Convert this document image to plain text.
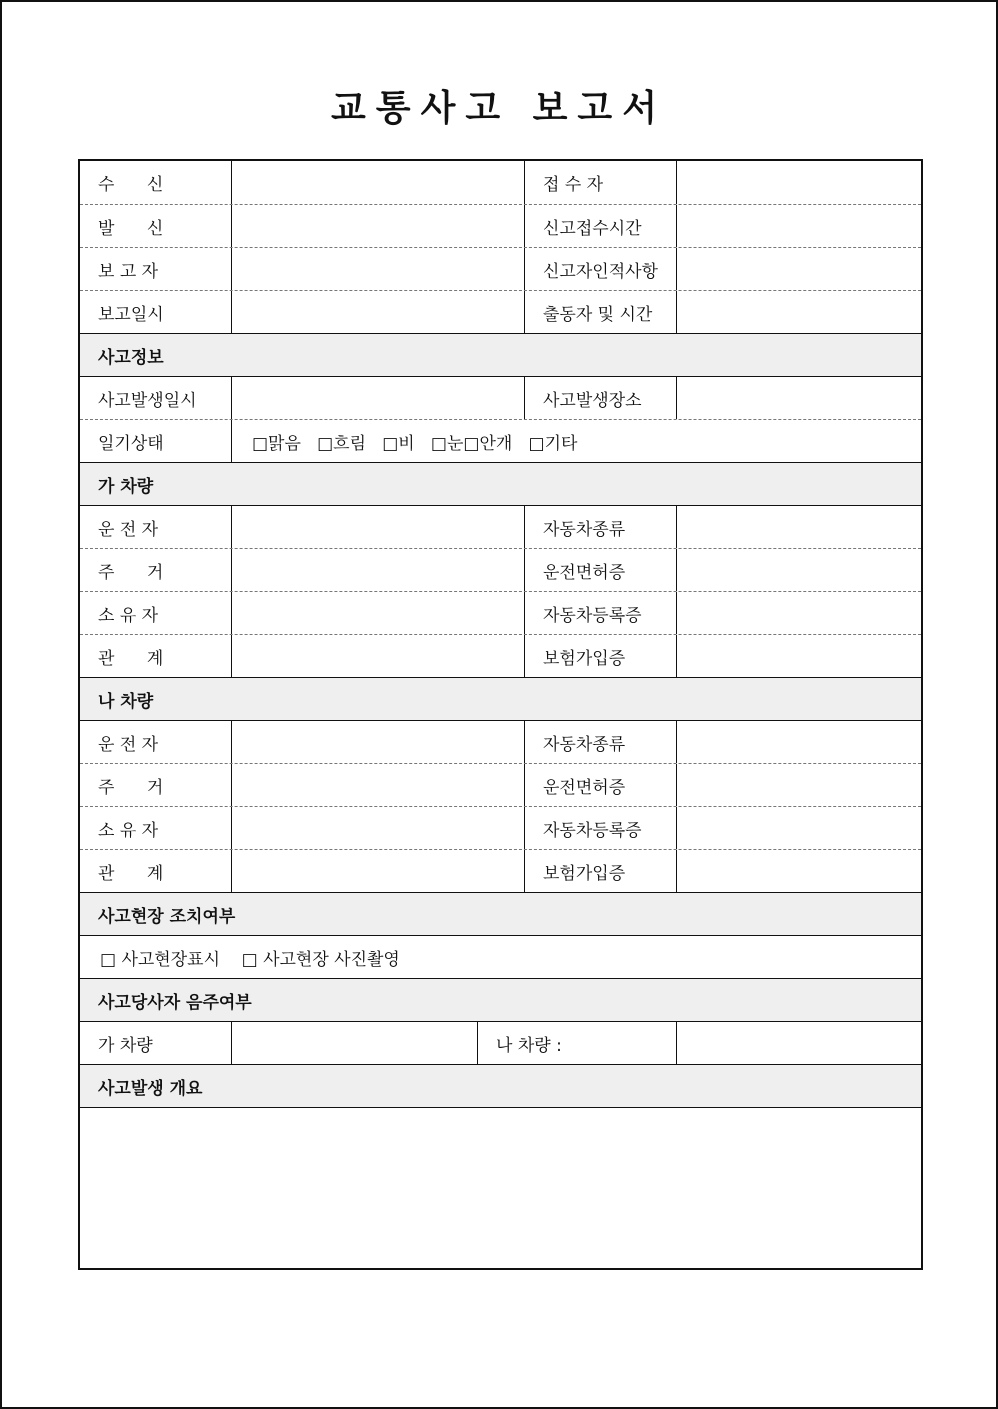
교통사고 보고서
수      신	접 수 자
발      신	신고접수시간
보 고 자	신고자인적사항
보고일시	출동자 및 시간
사고정보
사고발생일시	사고발생장소
일기상태	□맑음   □흐림   □비   □눈□안개   □기타
가 차량
운 전 자	자동차종류
주      거	운전면허증
소 유 자	자동차등록증
관      계	보험가입증
나 차량
운 전 자	자동차종류
주      거	운전면허증
소 유 자	자동차등록증
관      계	보험가입증
사고현장 조치여부
□ 사고현장표시    □ 사고현장 사진촬영
사고당사자 음주여부
가 차량	나 차량 :
사고발생 개요
